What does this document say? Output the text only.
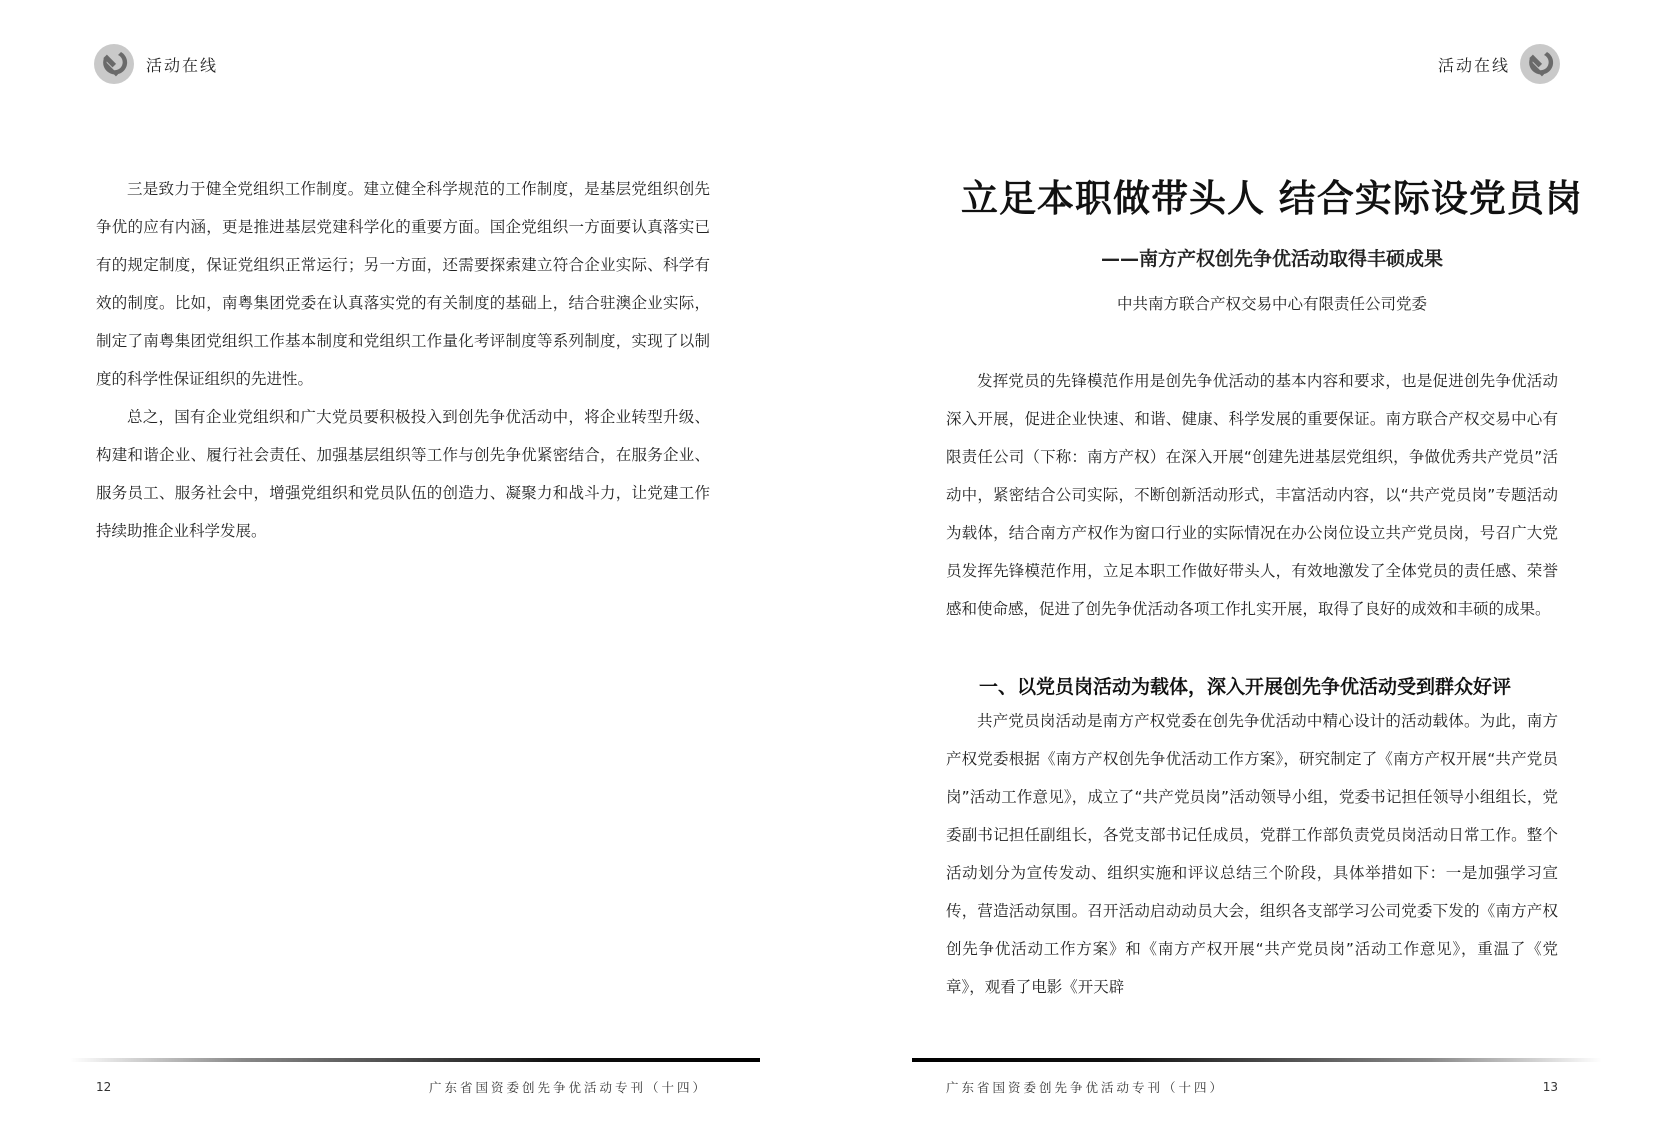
活动在线

三是致力于健全党组织工作制度。建立健全科学规范的工作制度，是基层党组织创先争优的应有内涵，更是推进基层党建科学化的重要方面。国企党组织一方面要认真落实已有的规定制度，保证党组织正常运行；另一方面，还需要探索建立符合企业实际、科学有效的制度。比如，南粤集团党委在认真落实党的有关制度的基础上，结合驻澳企业实际，制定了南粤集团党组织工作基本制度和党组织工作量化考评制度等系列制度，实现了以制度的科学性保证组织的先进性。

总之，国有企业党组织和广大党员要积极投入到创先争优活动中，将企业转型升级、构建和谐企业、履行社会责任、加强基层组织等工作与创先争优紧密结合，在服务企业、服务员工、服务社会中，增强党组织和党员队伍的创造力、凝聚力和战斗力，让党建工作持续助推企业科学发展。

12	广东省国资委创先争优活动专刊（十四）
活动在线
立足本职做带头人 结合实际设党员岗
——南方产权创先争优活动取得丰硕成果
中共南方联合产权交易中心有限责任公司党委

发挥党员的先锋模范作用是创先争优活动的基本内容和要求，也是促进创先争优活动深入开展，促进企业快速、和谐、健康、科学发展的重要保证。南方联合产权交易中心有限责任公司（下称：南方产权）在深入开展“创建先进基层党组织，争做优秀共产党员”活动中，紧密结合公司实际，不断创新活动形式，丰富活动内容，以“共产党员岗”专题活动为载体，结合南方产权作为窗口行业的实际情况在办公岗位设立共产党员岗，号召广大党员发挥先锋模范作用，立足本职工作做好带头人，有效地激发了全体党员的责任感、荣誉感和使命感，促进了创先争优活动各项工作扎实开展，取得了良好的成效和丰硕的成果。

一、以党员岗活动为载体，深入开展创先争优活动受到群众好评

共产党员岗活动是南方产权党委在创先争优活动中精心设计的活动载体。为此，南方产权党委根据《南方产权创先争优活动工作方案》，研究制定了《南方产权开展“共产党员岗”活动工作意见》，成立了“共产党员岗”活动领导小组，党委书记担任领导小组组长，党委副书记担任副组长，各党支部书记任成员，党群工作部负责党员岗活动日常工作。整个活动划分为宣传发动、组织实施和评议总结三个阶段，具体举措如下：一是加强学习宣传，营造活动氛围。召开活动启动动员大会，组织各支部学习公司党委下发的《南方产权创先争优活动工作方案》和《南方产权开展“共产党员岗”活动工作意见》，重温了《党章》，观看了电影《开天辟

广东省国资委创先争优活动专刊（十四）	13
